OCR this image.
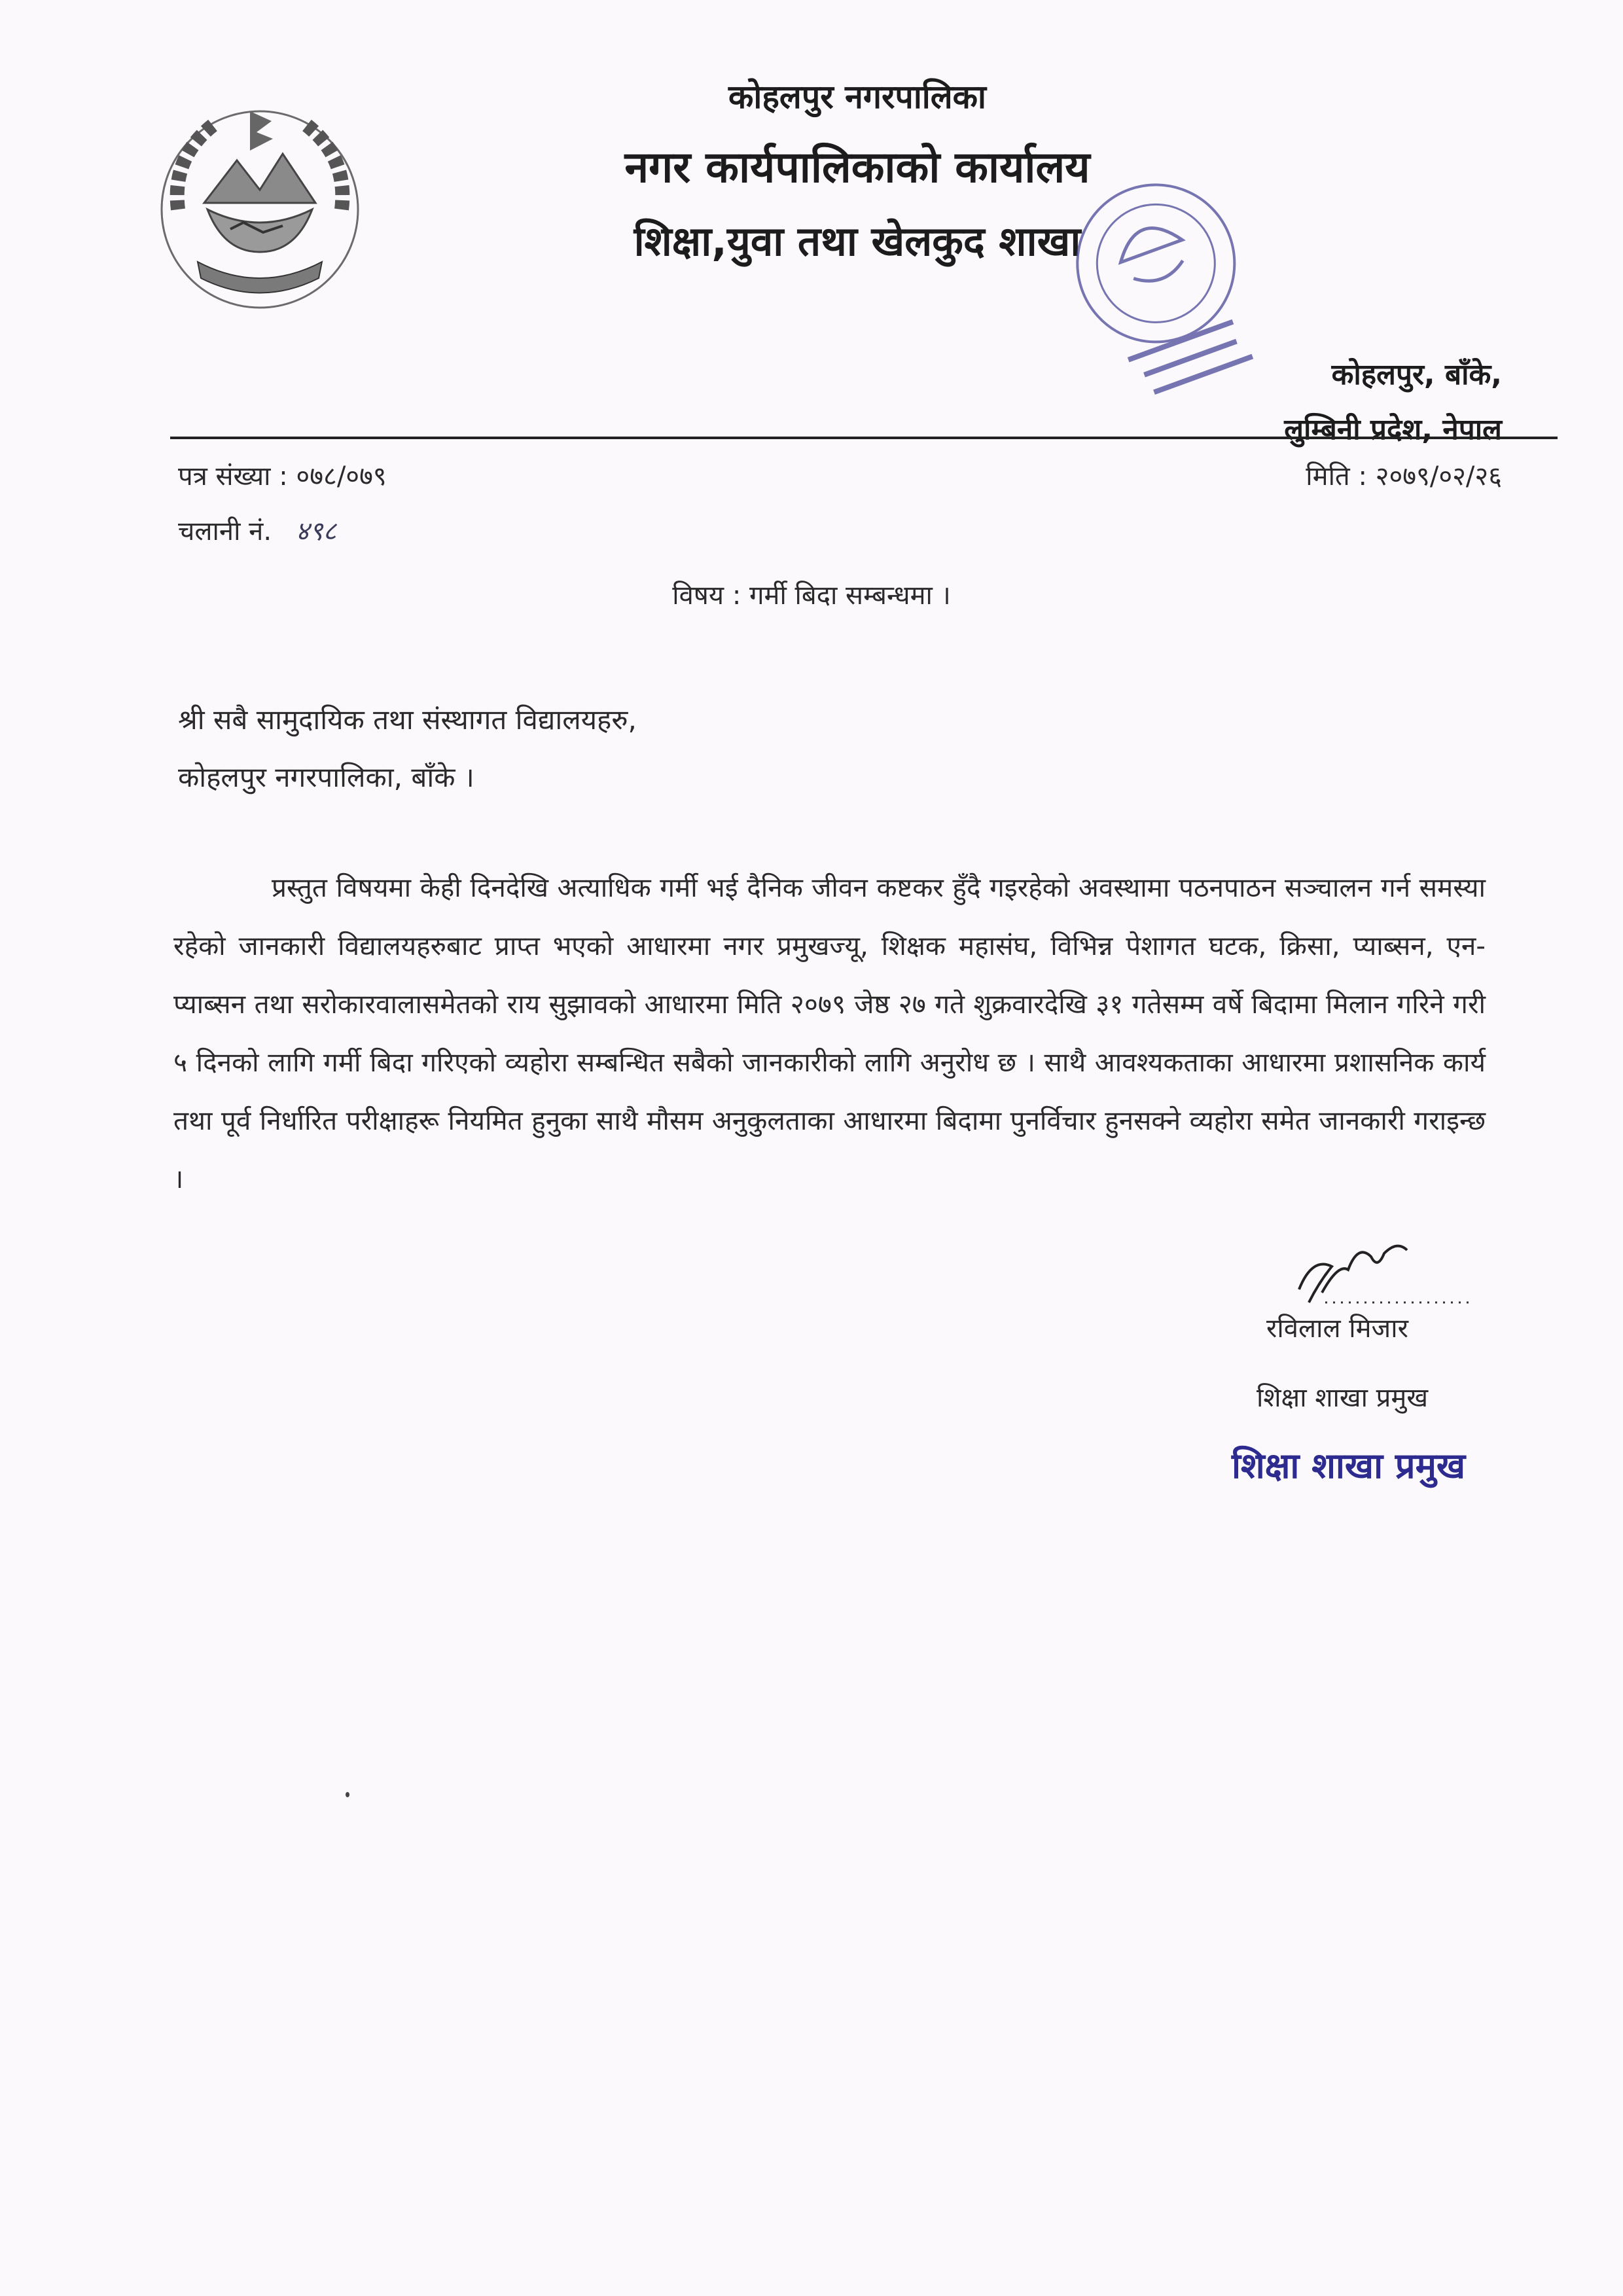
कोहलपुर नगरपालिका
नगर कार्यपालिकाको कार्यालय
शिक्षा,युवा तथा खेलकुद शाखा
कोहलपुर, बाँके,
लुम्बिनी प्रदेश, नेपाल
पत्र संख्या : ०७८/०७९	मिति : २०७९/०२/२६
चलानी नं. ४९८
विषय : गर्मी बिदा सम्बन्धमा ।
श्री सबै सामुदायिक तथा संस्थागत विद्यालयहरु,
कोहलपुर नगरपालिका, बाँके ।
प्रस्तुत विषयमा केही दिनदेखि अत्याधिक गर्मी भई दैनिक जीवन कष्टकर हुँदै गइरहेको अवस्थामा पठनपाठन सञ्चालन गर्न समस्या रहेको जानकारी विद्यालयहरुबाट प्राप्त भएको आधारमा नगर प्रमुखज्यू, शिक्षक महासंघ, विभिन्न पेशागत घटक, क्रिसा, प्याब्सन, एन-प्याब्सन तथा सरोकारवालासमेतको राय सुझावको आधारमा मिति २०७९ जेष्ठ २७ गते शुक्रवारदेखि ३१ गतेसम्म वर्षे बिदामा मिलान गरिने गरी ५ दिनको लागि गर्मी बिदा गरिएको व्यहोरा सम्बन्धित सबैको जानकारीको लागि अनुरोध छ । साथै आवश्यकताका आधारमा प्रशासनिक कार्य तथा पूर्व निर्धारित परीक्षाहरू नियमित हुनुका साथै मौसम अनुकुलताका आधारमा बिदामा पुनर्विचार हुनसक्ने व्यहोरा समेत जानकारी गराइन्छ ।
रविलाल मिजार
शिक्षा शाखा प्रमुख
शिक्षा शाखा प्रमुख
